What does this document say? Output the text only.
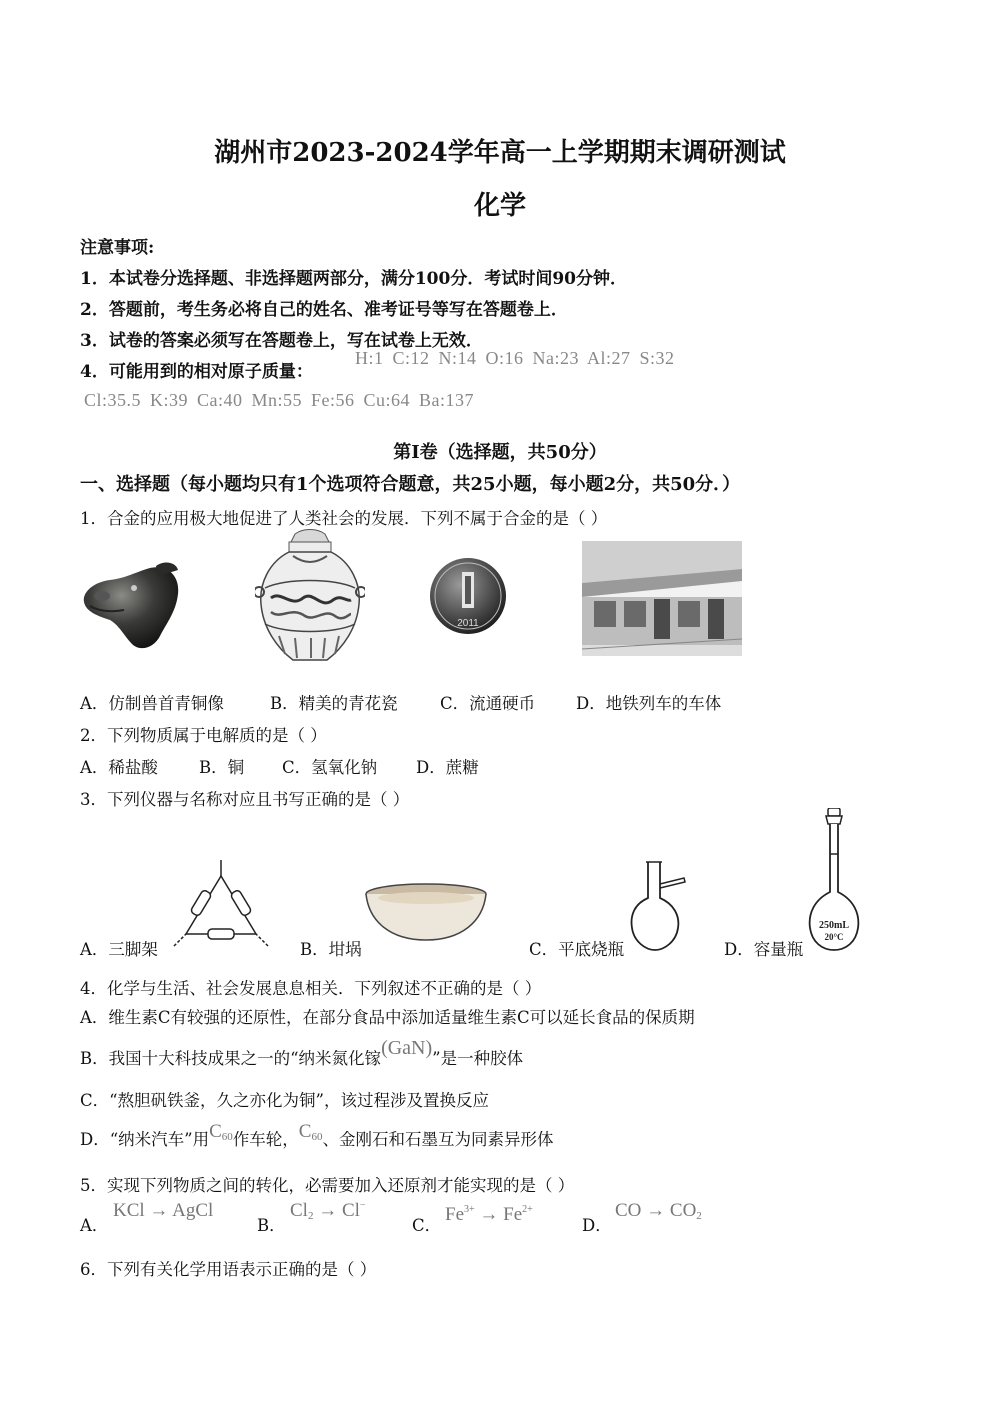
湖州市2023-2024学年高一上学期期末调研测试
化学
注意事项:
1．本试卷分选择题、非选择题两部分，满分100分．考试时间90分钟．
2．答题前，考生务必将自己的姓名、准考证号等写在答题卷上．
3．试卷的答案必须写在答题卷上，写在试卷上无效．
4．可能用到的相对原子质量：
H:1 C:12 N:14 O:16 Na:23 Al:27 S:32
Cl:35.5 K:39 Ca:40 Mn:55 Fe:56 Cu:64 Ba:137
第Ⅰ卷（选择题，共50分）
一、选择题（每小题均只有1个选项符合题意，共25小题，每小题2分，共50分．）
1．合金的应用极大地促进了人类社会的发展．下列不属于合金的是（ ）
2011
A．仿制兽首青铜像	B．精美的青花瓷	C．流通硬币 D．地铁列车的车体
2．下列物质属于电解质的是（ ）
A．稀盐酸 B．铜 C．氢氧化钠 D．蔗糖
3．下列仪器与名称对应且书写正确的是（ ）
250mL
20°C
A．三脚架	B．坩埚	C．平底烧瓶	D．容量瓶
4．化学与生活、社会发展息息相关．下列叙述不正确的是（ ）
A．维生素C有较强的还原性，在部分食品中添加适量维生素C可以延长食品的保质期
B．我国十大科技成果之一的“纳米氮化镓(GaN)”是一种胶体
C．“熬胆矾铁釜，久之亦化为铜”，该过程涉及置换反应
D．“纳米汽车”用$C_{60}$作车轮，$C_{60}$、金刚石和石墨互为同素异形体
5．实现下列物质之间的转化，必需要加入还原剂才能实现的是（ ）
A．
KCl → AgCl
B．
$Cl_2 \to Cl^-$
C．
$Fe^{3+} \to Fe^{2+}$
D．
CO → $CO_2$
6．下列有关化学用语表示正确的是（ ）
